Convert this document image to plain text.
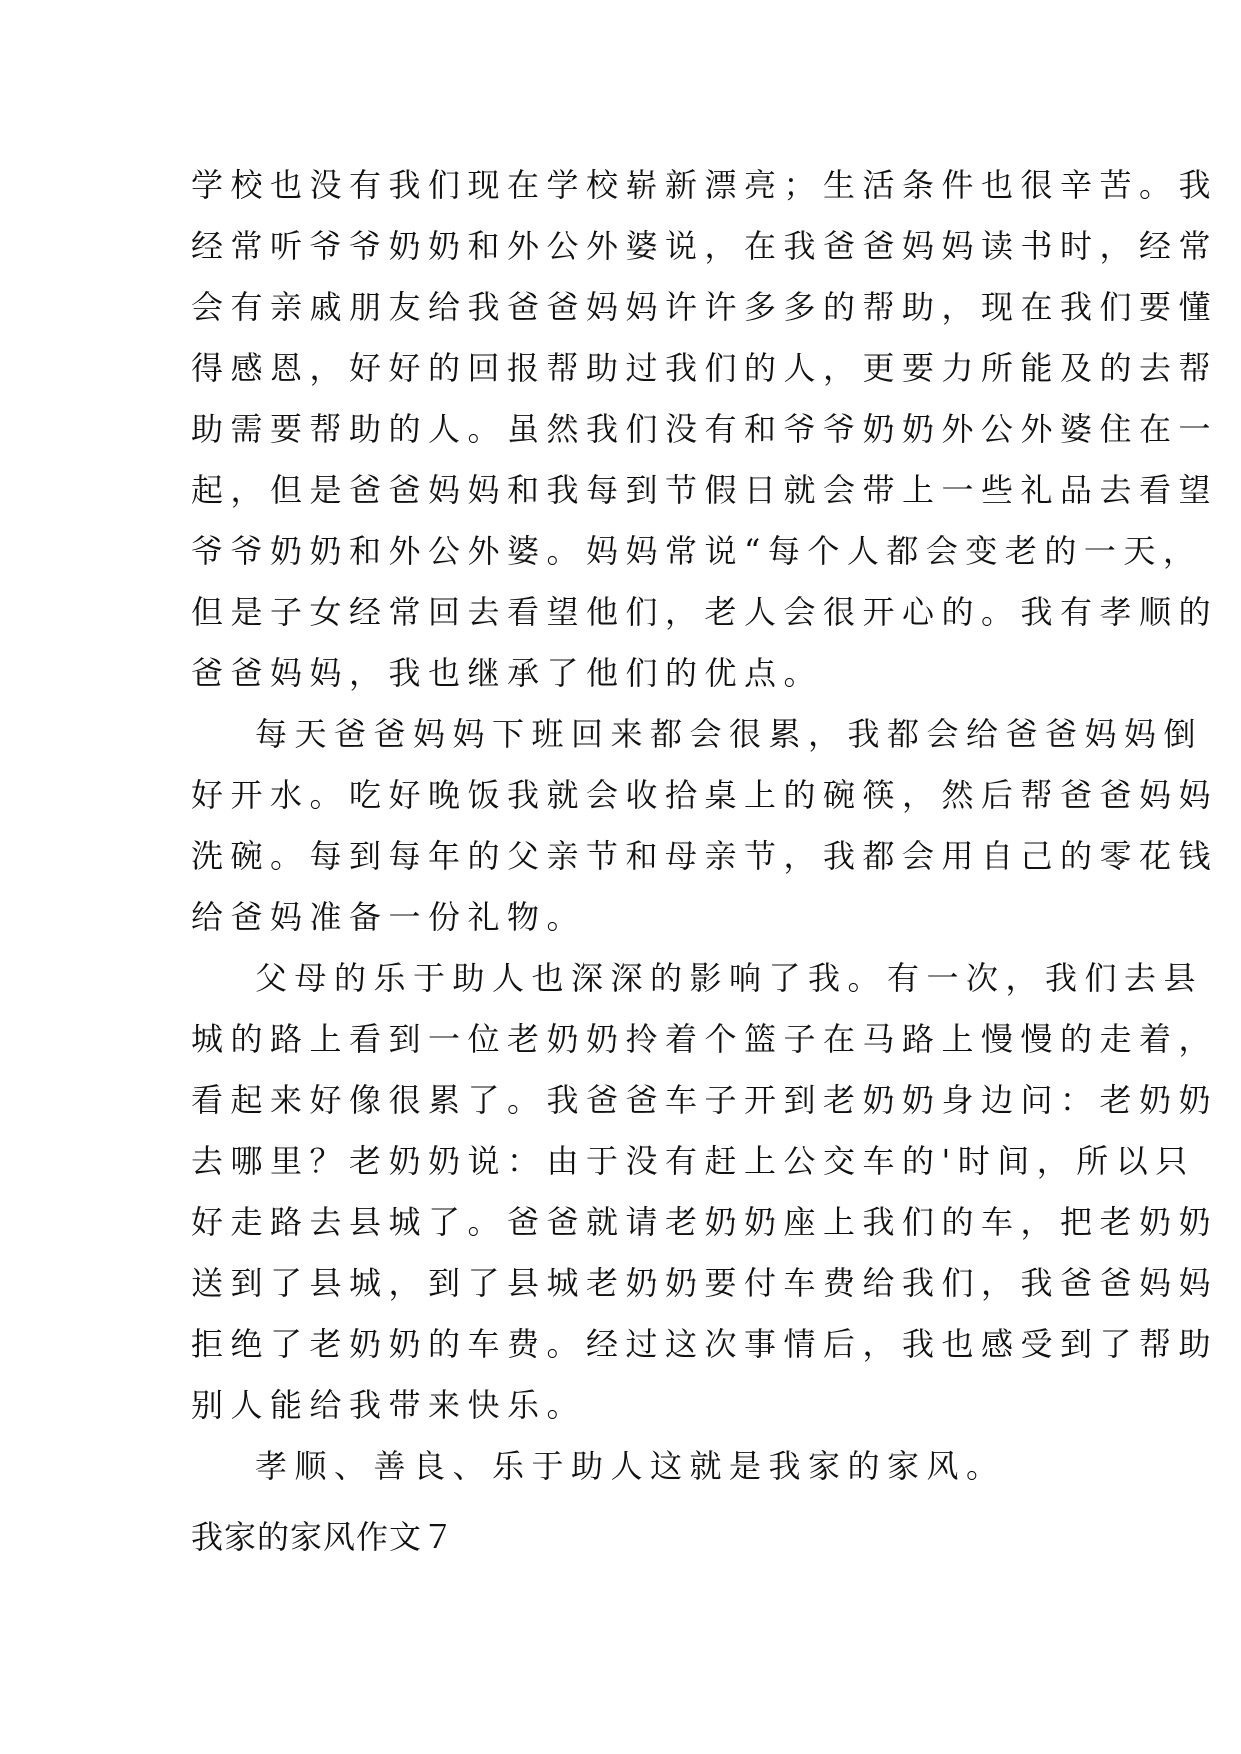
学校也没有我们现在学校崭新漂亮；生活条件也很辛苦。我
经常听爷爷奶奶和外公外婆说，在我爸爸妈妈读书时，经常
会有亲戚朋友给我爸爸妈妈许许多多的帮助，现在我们要懂
得感恩，好好的回报帮助过我们的人，更要力所能及的去帮
助需要帮助的人。虽然我们没有和爷爷奶奶外公外婆住在一
起，但是爸爸妈妈和我每到节假日就会带上一些礼品去看望
爷爷奶奶和外公外婆。妈妈常说“每个人都会变老的一天，
但是子女经常回去看望他们，老人会很开心的。我有孝顺的
爸爸妈妈，我也继承了他们的优点。
每天爸爸妈妈下班回来都会很累，我都会给爸爸妈妈倒
好开水。吃好晚饭我就会收拾桌上的碗筷，然后帮爸爸妈妈
洗碗。每到每年的父亲节和母亲节，我都会用自己的零花钱
给爸妈准备一份礼物。
父母的乐于助人也深深的影响了我。有一次，我们去县
城的路上看到一位老奶奶拎着个篮子在马路上慢慢的走着，
看起来好像很累了。我爸爸车子开到老奶奶身边问：老奶奶
去哪里？老奶奶说：由于没有赶上公交车的'时间，所以只
好走路去县城了。爸爸就请老奶奶座上我们的车，把老奶奶
送到了县城，到了县城老奶奶要付车费给我们，我爸爸妈妈
拒绝了老奶奶的车费。经过这次事情后，我也感受到了帮助
别人能给我带来快乐。
孝顺、善良、乐于助人这就是我家的家风。
我家的家风作文７
